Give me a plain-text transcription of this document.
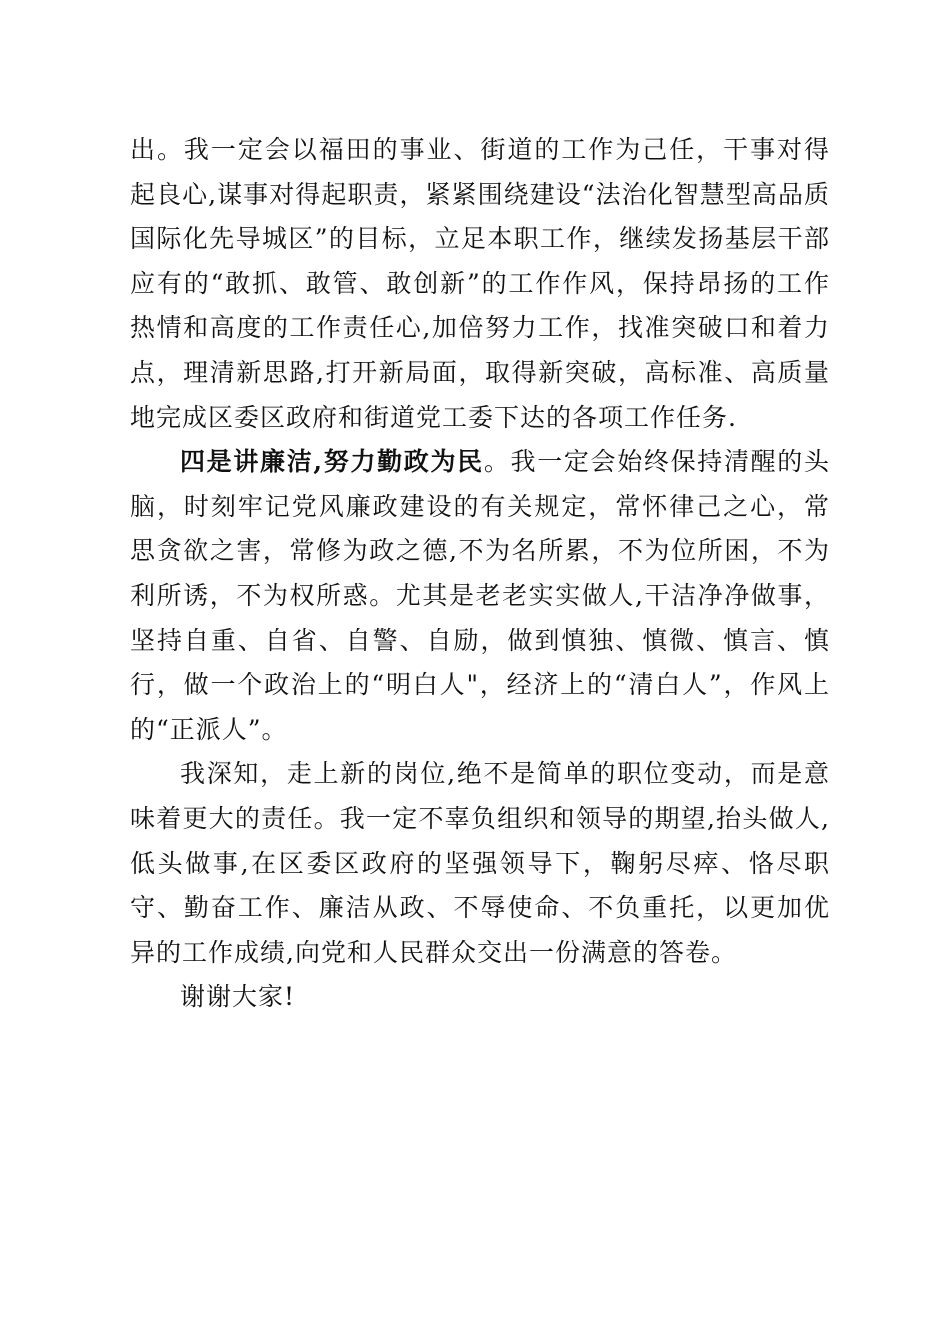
出。我一定会以福田的事业、街道的工作为己任，干事对得起良心,谋事对得起职责，紧紧围绕建设“法治化智慧型高品质国际化先导城区”的目标，立足本职工作，继续发扬基层干部应有的“敢抓、敢管、敢创新”的工作作风，保持昂扬的工作热情和高度的工作责任心,加倍努力工作，找准突破口和着力点，理清新思路,打开新局面，取得新突破，高标准、高质量地完成区委区政府和街道党工委下达的各项工作任务.

四是讲廉洁,努力勤政为民。我一定会始终保持清醒的头脑，时刻牢记党风廉政建设的有关规定，常怀律己之心，常思贪欲之害，常修为政之德,不为名所累，不为位所困，不为利所诱，不为权所惑。尤其是老老实实做人,干洁净净做事，坚持自重、自省、自警、自励，做到慎独、慎微、慎言、慎行，做一个政治上的“明白人"，经济上的“清白人”，作风上的“正派人”。

我深知，走上新的岗位,绝不是简单的职位变动，而是意味着更大的责任。我一定不辜负组织和领导的期望,抬头做人,低头做事,在区委区政府的坚强领导下，鞠躬尽瘁、恪尽职守、勤奋工作、廉洁从政、不辱使命、不负重托，以更加优异的工作成绩,向党和人民群众交出一份满意的答卷。

谢谢大家!
